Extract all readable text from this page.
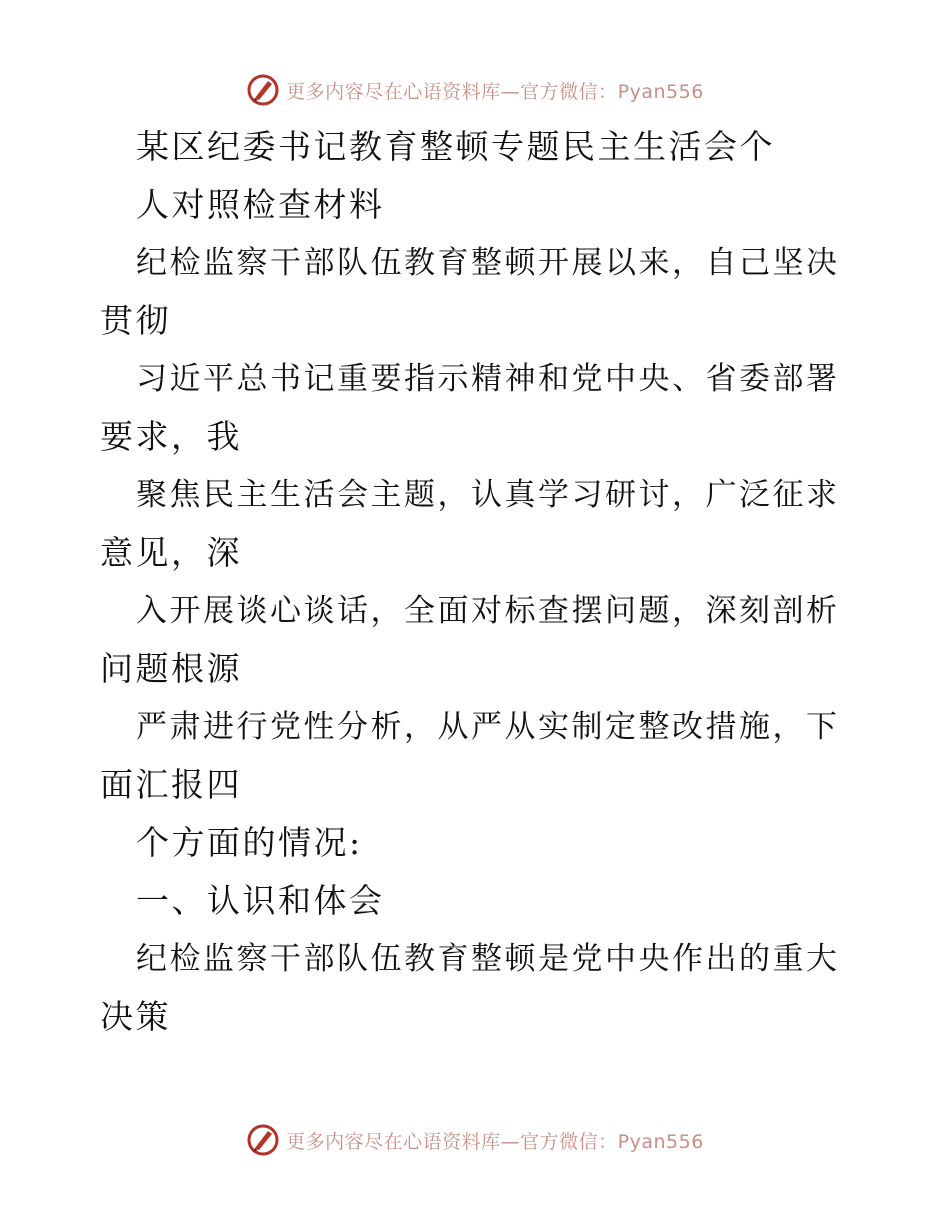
更多内容尽在心语资料库—官方微信：Pyan556
某区纪委书记教育整顿专题民主生活会个
人对照检查材料
纪检监察干部队伍教育整顿开展以来，自己坚决
贯彻
习近平总书记重要指示精神和党中央、省委部署
要求，我
聚焦民主生活会主题，认真学习研讨，广泛征求
意见，深
入开展谈心谈话，全面对标查摆问题，深刻剖析
问题根源
严肃进行党性分析，从严从实制定整改措施，下
面汇报四
个方面的情况:
一、认识和体会
纪检监察干部队伍教育整顿是党中央作出的重大
决策
更多内容尽在心语资料库—官方微信：Pyan556
